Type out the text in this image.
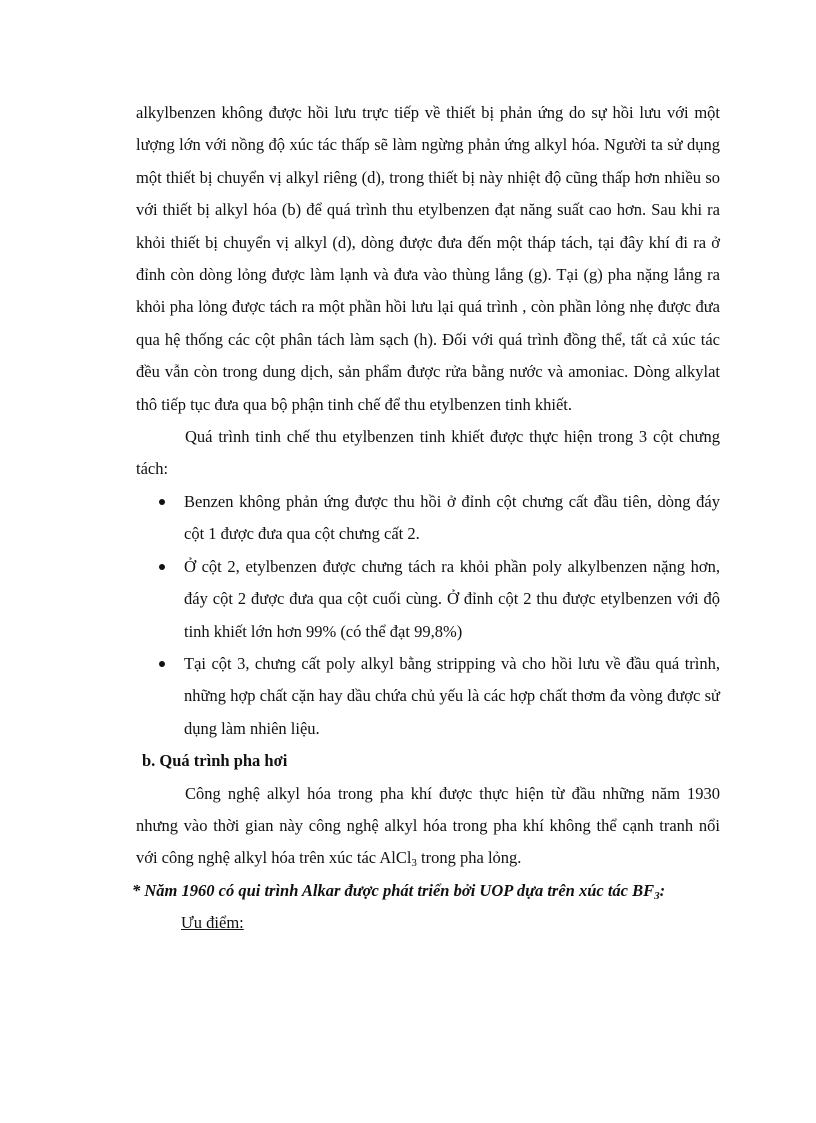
alkylbenzen không được hồi lưu trực tiếp về thiết bị phản ứng do sự hồi lưu với một lượng lớn với nồng độ xúc tác thấp sẽ làm ngừng phản ứng alkyl hóa. Người ta sử dụng một thiết bị chuyển vị alkyl riêng (d), trong thiết bị này nhiệt độ cũng thấp hơn nhiều so với thiết bị alkyl hóa (b) để quá trình thu etylbenzen đạt năng suất cao hơn. Sau khi ra khỏi thiết bị chuyển vị alkyl (d), dòng được đưa đến một tháp tách, tại đây khí đi ra ở đỉnh còn dòng lỏng được làm lạnh và đưa vào thùng lắng (g). Tại (g) pha nặng lắng ra khỏi pha lỏng được tách ra một phần hồi lưu lại quá trình , còn phần lỏng nhẹ được đưa qua hệ thống các cột phân tách làm sạch (h). Đối với quá trình đồng thể, tất cả xúc tác đều vẫn còn trong dung dịch, sản phẩm được rửa bằng nước và amoniac. Dòng alkylat thô tiếp tục đưa qua bộ phận tinh chế để thu etylbenzen tinh khiết.

Quá trình tinh chế thu etylbenzen tinh khiết được thực hiện trong 3 cột chưng tách:

Benzen không phản ứng được thu hồi ở đỉnh cột chưng cất đầu tiên, dòng đáy cột 1 được đưa qua cột chưng cất 2.
Ở cột 2, etylbenzen được chưng tách ra khỏi phần poly alkylbenzen nặng hơn, đáy cột 2 được đưa qua cột cuối cùng. Ở đỉnh cột 2 thu được etylbenzen với độ tinh khiết lớn hơn 99% (có thể đạt 99,8%)
Tại cột 3, chưng cất poly alkyl bằng stripping và cho hồi lưu về đầu quá trình, những hợp chất cặn hay dầu chứa chủ yếu là các hợp chất thơm đa vòng được sử dụng làm nhiên liệu.

b. Quá trình pha hơi

Công nghệ alkyl hóa trong pha khí được thực hiện từ đầu những năm 1930 nhưng vào thời gian này công nghệ alkyl hóa trong pha khí không thể cạnh tranh nổi với công nghệ alkyl hóa trên xúc tác AlCl$_3$ trong pha lỏng.

* Năm 1960 có qui trình Alkar được phát triển bởi UOP dựa trên xúc tác $BF_3$:

Ưu điểm:
